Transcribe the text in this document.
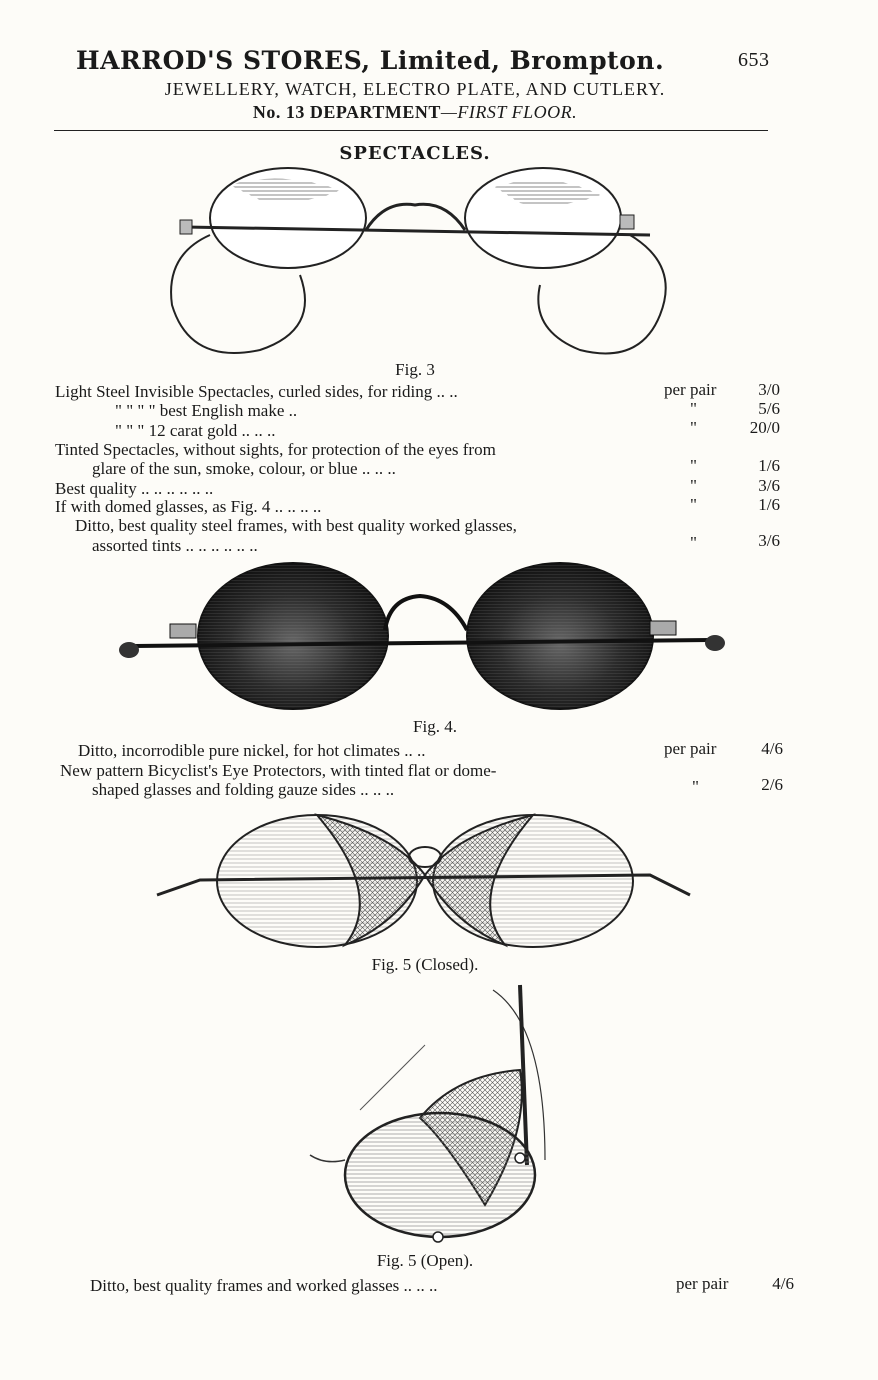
HARROD'S STORES, Limited, Brompton.	653
JEWELLERY, WATCH, ELECTRO PLATE, AND CUTLERY.
No. 13 DEPARTMENT—FIRST FLOOR.
SPECTACLES.
Fig. 3
Light Steel Invisible Spectacles, curled sides, for riding .. ..	per pair	3/0
" " " " best English make ..	"	5/6
" " " 12 carat gold .. .. ..	"	20/0
Tinted Spectacles, without sights, for protection of the eyes from
glare of the sun, smoke, colour, or blue .. .. ..	"	1/6
Best quality .. .. .. .. .. ..	"	3/6
If with domed glasses, as Fig. 4 .. .. .. ..	"	1/6
Ditto, best quality steel frames, with best quality worked glasses,
assorted tints .. .. .. .. .. ..	"	3/6
Fig. 4.
Ditto, incorrodible pure nickel, for hot climates .. ..	per pair	4/6
New pattern Bicyclist's Eye Protectors, with tinted flat or dome-
shaped glasses and folding gauze sides .. .. ..	"	2/6
Fig. 5 (Closed).
Fig. 5 (Open).
Ditto, best quality frames and worked glasses .. .. ..	per pair	4/6
